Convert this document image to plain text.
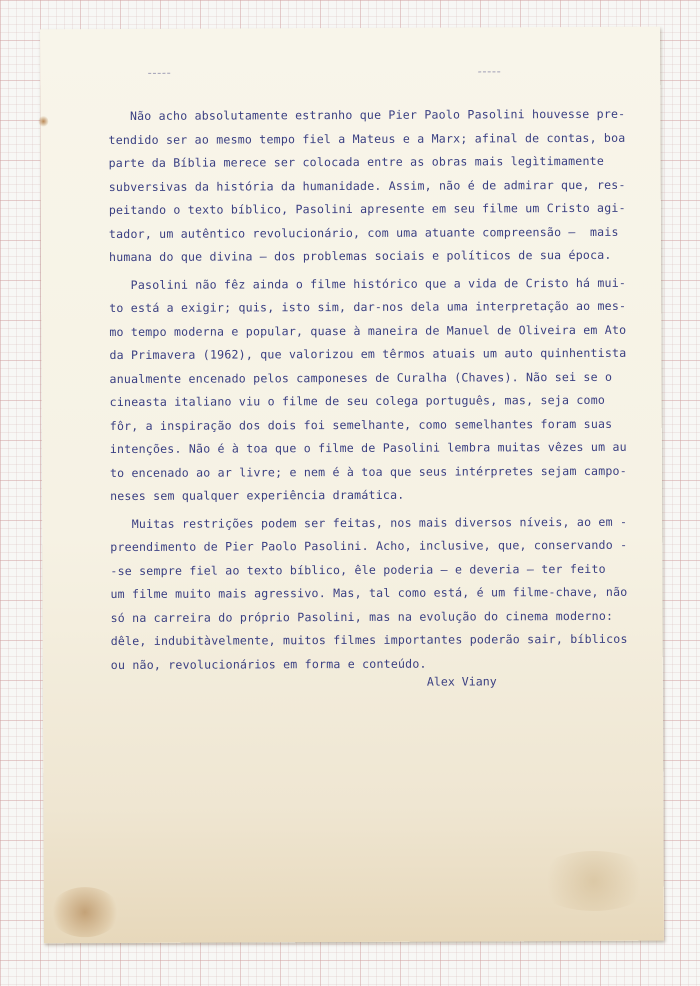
Não acho absolutamente estranho que Pier Paolo Pasolini houvesse pre-
tendido ser ao mesmo tempo fiel a Mateus e a Marx; afinal de contas, boa
parte da Bíblia merece ser colocada entre as obras mais legìtimamente
subversivas da história da humanidade. Assim, não é de admirar que, res-
peitando o texto bíblico, Pasolini apresente em seu filme um Cristo agi-
tador, um autêntico revolucionário, com uma atuante compreensão —  mais
humana do que divina — dos problemas sociais e políticos de sua época.
Pasolini não fêz ainda o filme histórico que a vida de Cristo há mui-
to está a exigir; quis, isto sim, dar-nos dela uma interpretação ao mes-
mo tempo moderna e popular, quase à maneira de Manuel de Oliveira em Ato
da Primavera (1962), que valorizou em têrmos atuais um auto quinhentista
anualmente encenado pelos camponeses de Curalha (Chaves). Não sei se o
cineasta italiano viu o filme de seu colega português, mas, seja como
fôr, a inspiração dos dois foi semelhante, como semelhantes foram suas
intenções. Não é à toa que o filme de Pasolini lembra muitas vêzes um au
to encenado ao ar livre; e nem é à toa que seus intérpretes sejam campo-
neses sem qualquer experiência dramática.
Muitas restrições podem ser feitas, nos mais diversos níveis, ao em -
preendimento de Pier Paolo Pasolini. Acho, inclusive, que, conservando -
-se sempre fiel ao texto bíblico, êle poderia — e deveria — ter feito
um filme muito mais agressivo. Mas, tal como está, é um filme-chave, não
só na carreira do próprio Pasolini, mas na evolução do cinema moderno:
dêle, indubitàvelmente, muitos filmes importantes poderão sair, bíblicos
ou não, revolucionários em forma e conteúdo.
Alex Viany
